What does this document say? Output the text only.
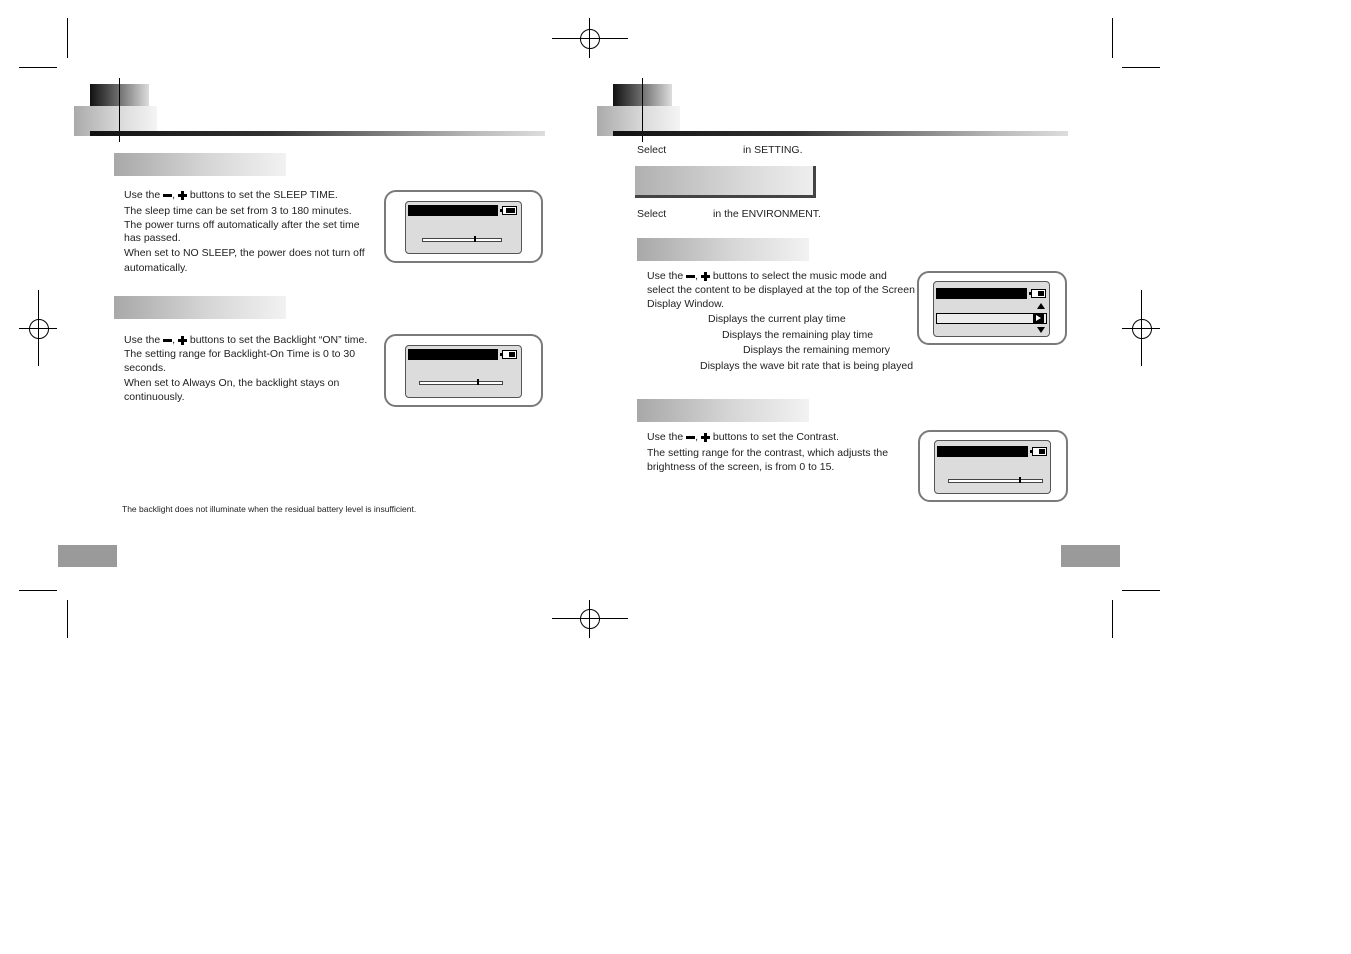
Use the , buttons to set the SLEEP TIME.
The sleep time can be set from 3 to 180 minutes.
The power turns off automatically after the set time
has passed.
When set to NO SLEEP, the power does not turn off
automatically.
Use the , buttons to set the Backlight “ON” time.
The setting range for Backlight-On Time is 0 to 30
seconds.
When set to Always On, the backlight stays on
continuously.
The backlight does not illuminate when the residual battery level is insufficient.
Select	in SETTING.
Select	in the ENVIRONMENT.
Use the , buttons to select the music mode and
select the content to be displayed at the top of the Screen
Display Window.
Displays the current play time
Displays the remaining play time
Displays the remaining memory
Displays the wave bit rate that is being played
Use the , buttons to set the Contrast.
The setting range for the contrast, which adjusts the
brightness of the screen, is from 0 to 15.
